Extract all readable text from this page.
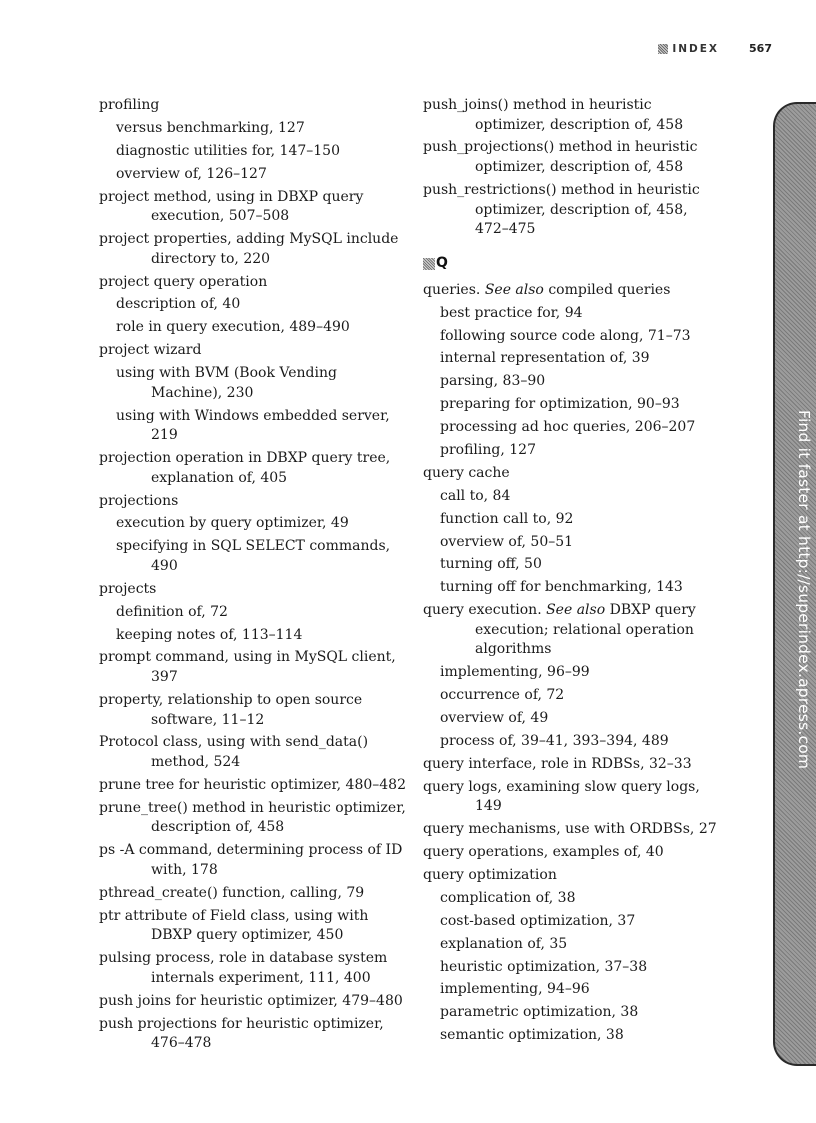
INDEX	567
profiling
versus benchmarking, 127
diagnostic utilities for, 147–150
overview of, 126–127
project method, using in DBXP query execution, 507–508
project properties, adding MySQL include directory to, 220
project query operation
description of, 40
role in query execution, 489–490
project wizard
using with BVM (Book Vending Machine), 230
using with Windows embedded server, 219
projection operation in DBXP query tree, explanation of, 405
projections
execution by query optimizer, 49
specifying in SQL SELECT commands, 490
projects
definition of, 72
keeping notes of, 113–114
prompt command, using in MySQL client, 397
property, relationship to open source software, 11–12
Protocol class, using with send_data() method, 524
prune tree for heuristic optimizer, 480–482
prune_tree() method in heuristic optimizer, description of, 458
ps -A command, determining process of ID with, 178
pthread_create() function, calling, 79
ptr attribute of Field class, using with DBXP query optimizer, 450
pulsing process, role in database system internals experiment, 111, 400
push joins for heuristic optimizer, 479–480
push projections for heuristic optimizer, 476–478
push_joins() method in heuristic optimizer, description of, 458
push_projections() method in heuristic optimizer, description of, 458
push_restrictions() method in heuristic optimizer, description of, 458, 472–475
Q
queries. See also compiled queries
best practice for, 94
following source code along, 71–73
internal representation of, 39
parsing, 83–90
preparing for optimization, 90–93
processing ad hoc queries, 206–207
profiling, 127
query cache
call to, 84
function call to, 92
overview of, 50–51
turning off, 50
turning off for benchmarking, 143
query execution. See also DBXP query execution; relational operation algorithms
implementing, 96–99
occurrence of, 72
overview of, 49
process of, 39–41, 393–394, 489
query interface, role in RDBSs, 32–33
query logs, examining slow query logs, 149
query mechanisms, use with ORDBSs, 27
query operations, examples of, 40
query optimization
complication of, 38
cost-based optimization, 37
explanation of, 35
heuristic optimization, 37–38
implementing, 94–96
parametric optimization, 38
semantic optimization, 38
Find it faster at http://superindex.apress.com
